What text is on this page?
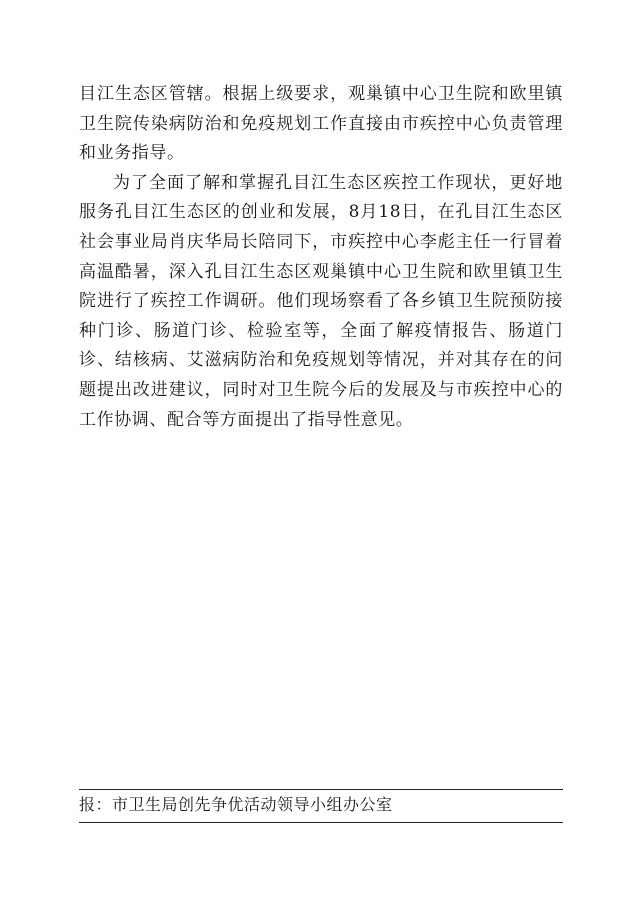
目江生态区管辖。根据上级要求，观巢镇中心卫生院和欧里镇卫生院传染病防治和免疫规划工作直接由市疾控中心负责管理和业务指导。

为了全面了解和掌握孔目江生态区疾控工作现状，更好地服务孔目江生态区的创业和发展，8月18日，在孔目江生态区社会事业局肖庆华局长陪同下，市疾控中心李彪主任一行冒着高温酷暑，深入孔目江生态区观巢镇中心卫生院和欧里镇卫生院进行了疾控工作调研。他们现场察看了各乡镇卫生院预防接种门诊、肠道门诊、检验室等，全面了解疫情报告、肠道门诊、结核病、艾滋病防治和免疫规划等情况，并对其存在的问题提出改进建议，同时对卫生院今后的发展及与市疾控中心的工作协调、配合等方面提出了指导性意见。

报：市卫生局创先争优活动领导小组办公室
